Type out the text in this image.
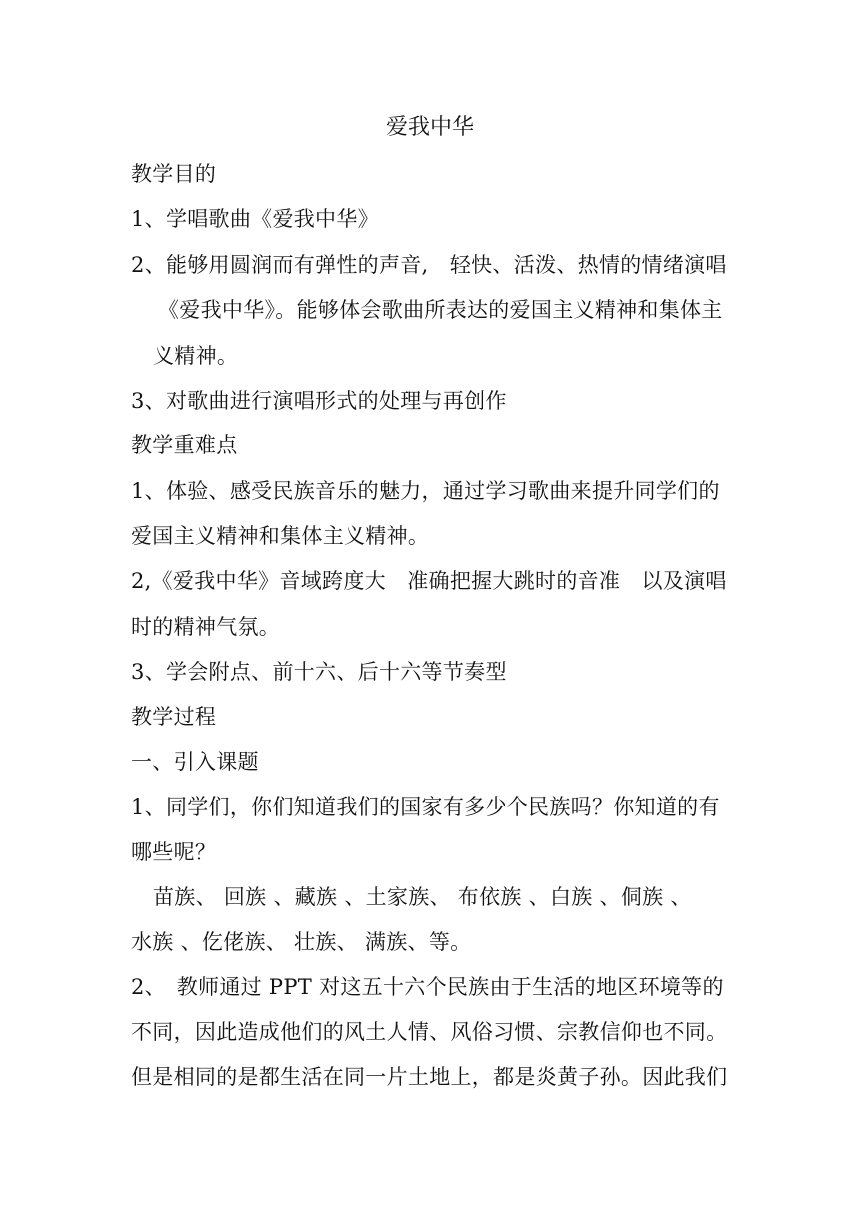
爱我中华
教学目的
1、学唱歌曲《爱我中华》
2、能够用圆润而有弹性的声音,　轻快、活泼、热情的情绪演唱
《爱我中华》。能够体会歌曲所表达的爱国主义精神和集体主
义精神。
3、对歌曲进行演唱形式的处理与再创作
教学重难点
1、体验、感受民族音乐的魅力，通过学习歌曲来提升同学们的
爱国主义精神和集体主义精神。
2,《爱我中华》音域跨度大　准确把握大跳时的音准　以及演唱
时的精神气氛。
3、学会附点、前十六、后十六等节奏型
教学过程
一、引入课题
1、同学们，你们知道我们的国家有多少个民族吗？你知道的有
哪些呢？
苗族、 回族 、藏族 、土家族、 布依族 、白族 、侗族 、
水族 、仡佬族、 壮族、 满族、等。
2、　教师通过 PPT 对这五十六个民族由于生活的地区环境等的
不同，因此造成他们的风土人情、风俗习惯、宗教信仰也不同。
但是相同的是都生活在同一片土地上，都是炎黄子孙。因此我们
